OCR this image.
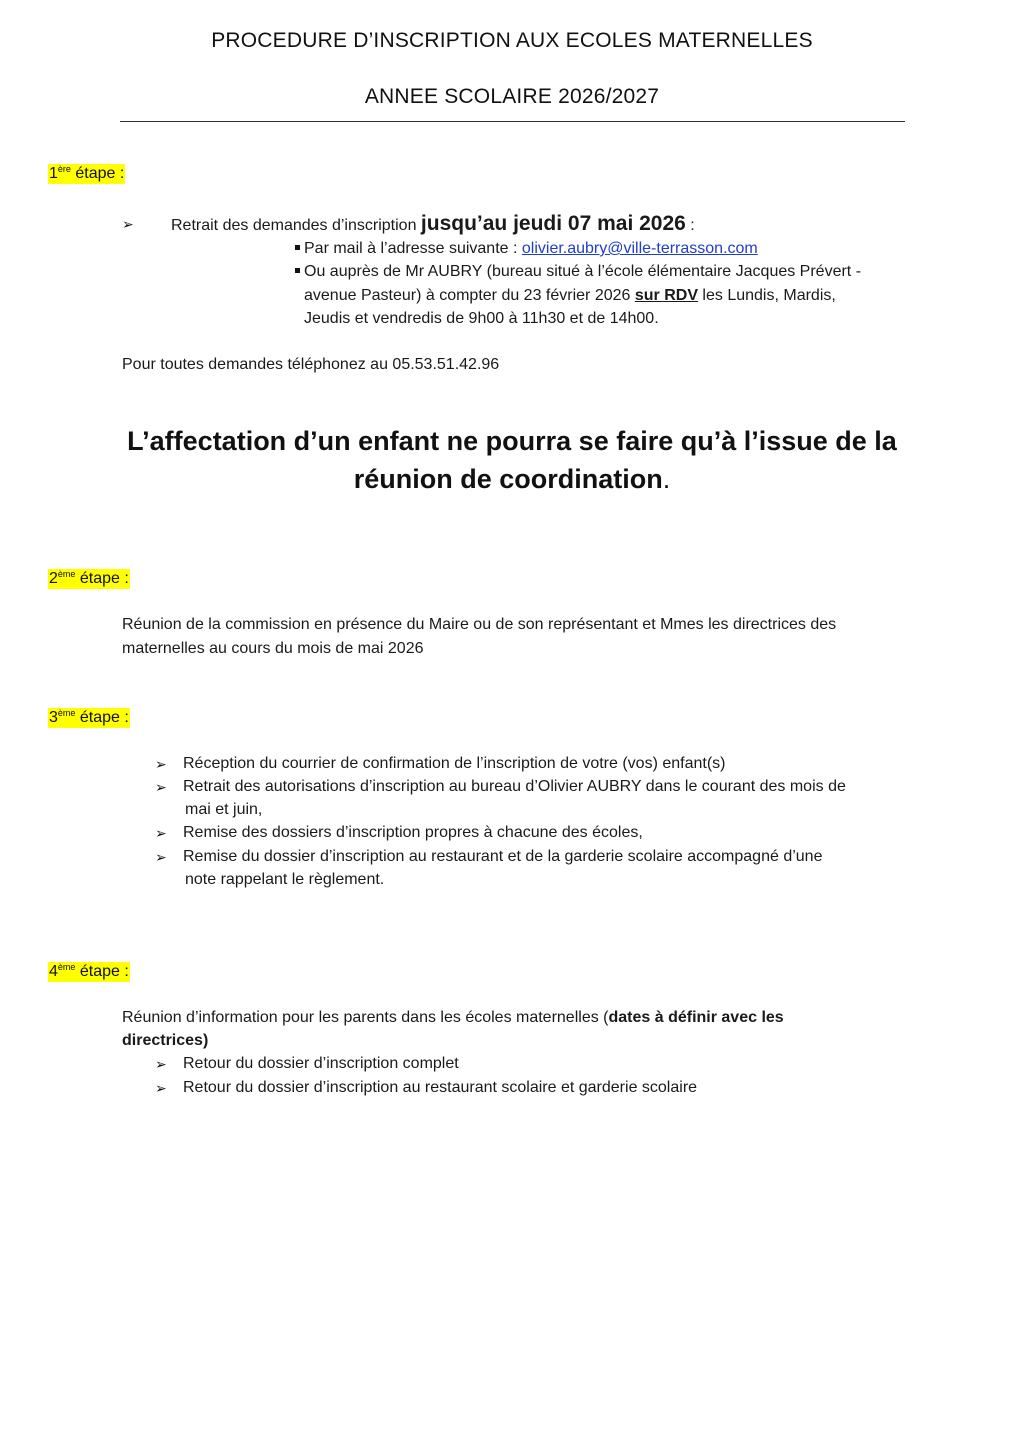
PROCEDURE D’INSCRIPTION AUX ECOLES MATERNELLES
ANNEE SCOLAIRE 2026/2027
1ère étape :
➢ Retrait des demandes d’inscription jusqu’au jeudi 07 mai 2026 :
Par mail à l’adresse suivante : olivier.aubry@ville-terrasson.com
Ou auprès de Mr AUBRY (bureau situé à l’école élémentaire Jacques Prévert -
avenue Pasteur) à compter du 23 février 2026 sur RDV les Lundis, Mardis,
Jeudis et vendredis de 9h00 à 11h30 et de 14h00.
Pour toutes demandes téléphonez au 05.53.51.42.96
L’affectation d’un enfant ne pourra se faire qu’à l’issue de la
réunion de coordination.
2ème étape :
Réunion de la commission en présence du Maire ou de son représentant et Mmes les directrices des
maternelles au cours du mois de mai 2026
3ème étape :
➢ Réception du courrier de confirmation de l’inscription de votre (vos) enfant(s)
➢ Retrait des autorisations d’inscription au bureau d’Olivier AUBRY dans le courant des mois de
mai et juin,
➢ Remise des dossiers d’inscription propres à chacune des écoles,
➢ Remise du dossier d’inscription au restaurant et de la garderie scolaire accompagné d’une
note rappelant le règlement.
4ème étape :
Réunion d’information pour les parents dans les écoles maternelles (dates à définir avec les
directrices)
➢ Retour du dossier d’inscription complet
➢ Retour du dossier d’inscription au restaurant scolaire et garderie scolaire
